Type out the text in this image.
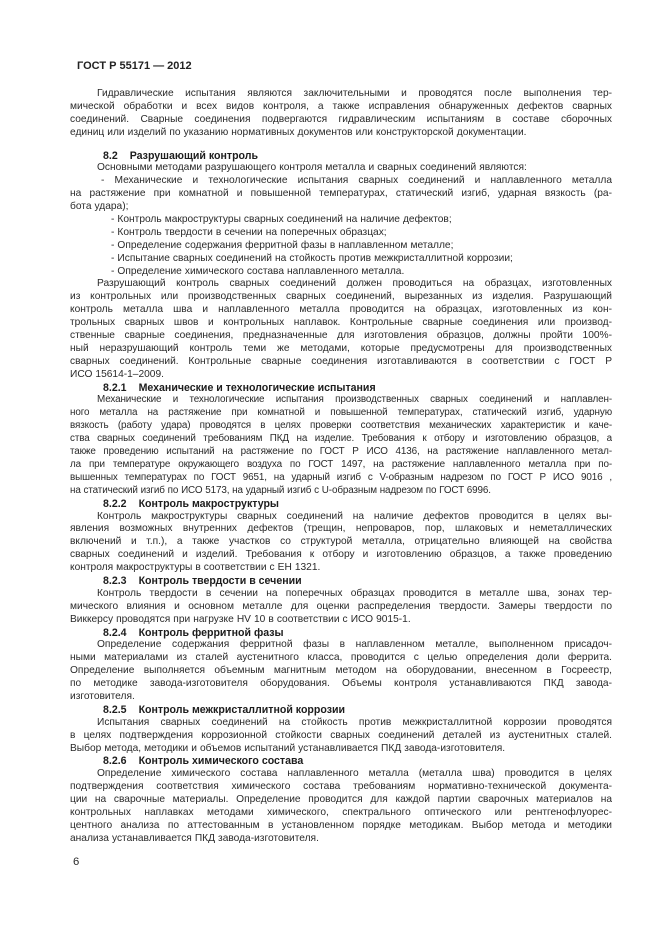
ГОСТ Р 55171 — 2012
Гидравлические испытания являются заключительными и проводятся после выполнения тер-
мической обработки и всех видов контроля, а также исправления обнаруженных дефектов сварных
соединений. Сварные соединения подвергаются гидравлическим испытаниям в составе сборочных
единиц или изделий по указанию нормативных документов или конструкторской документации.
8.2 Разрушающий контроль
Основными методами разрушающего контроля металла и сварных соединений являются:
- Механические и технологические испытания сварных соединений и наплавленного металла
на растяжение при комнатной и повышенной температурах, статический изгиб, ударная вязкость (ра-
бота удара);
- Контроль макроструктуры сварных соединений на наличие дефектов;
- Контроль твердости в сечении на поперечных образцах;
- Определение содержания ферритной фазы в наплавленном металле;
- Испытание сварных соединений на стойкость против межкристаллитной коррозии;
- Определение химического состава наплавленного металла.
Разрушающий контроль сварных соединений должен проводиться на образцах, изготовленных
из контрольных или производственных сварных соединений, вырезанных из изделия. Разрушающий
контроль металла шва и наплавленного металла проводится на образцах, изготовленных из кон-
трольных сварных швов и контрольных наплавок. Контрольные сварные соединения или производ-
ственные сварные соединения, предназначенные для изготовления образцов, должны пройти 100%-
ный неразрушающий контроль теми же методами, которые предусмотрены для производственных
сварных соединений. Контрольные сварные соединения изготавливаются в соответствии с ГОСТ Р
ИСО 15614-1–2009.
8.2.1 Механические и технологические испытания
Механические и технологические испытания производственных сварных соединений и наплавлен-
ного металла на растяжение при комнатной и повышенной температурах, статический изгиб, ударную
вязкость (работу удара) проводятся в целях проверки соответствия механических характеристик и каче-
ства сварных соединений требованиям ПКД на изделие. Требования к отбору и изготовлению образцов, а
также проведению испытаний на растяжение по ГОСТ Р ИСО 4136, на растяжение наплавленного метал-
ла при температуре окружающего воздуха по ГОСТ 1497, на растяжение наплавленного металла при по-
вышенных температурах по ГОСТ 9651, на ударный изгиб с V-образным надрезом по ГОСТ Р ИСО 9016 ,
на статический изгиб по ИСО 5173, на ударный изгиб с U-образным надрезом по ГОСТ 6996.
8.2.2 Контроль макроструктуры
Контроль макроструктуры сварных соединений на наличие дефектов проводится в целях вы-
явления возможных внутренних дефектов (трещин, непроваров, пор, шлаковых и неметаллических
включений и т.п.), а также участков со структурой металла, отрицательно влияющей на свойства
сварных соединений и изделий. Требования к отбору и изготовлению образцов, а также проведению
контроля макроструктуры в соответствии с ЕН 1321.
8.2.3 Контроль твердости в сечении
Контроль твердости в сечении на поперечных образцах проводится в металле шва, зонах тер-
мического влияния и основном металле для оценки распределения твердости. Замеры твердости по
Виккерсу проводятся при нагрузке HV 10 в соответствии с ИСО 9015-1.
8.2.4 Контроль ферритной фазы
Определение содержания ферритной фазы в наплавленном металле, выполненном присадоч-
ными материалами из сталей аустенитного класса, проводится с целью определения доли феррита.
Определение выполняется объемным магнитным методом на оборудовании, внесенном в Госреестр,
по методике завода-изготовителя оборудования. Объемы контроля устанавливаются ПКД завода-
изготовителя.
8.2.5 Контроль межкристаллитной коррозии
Испытания сварных соединений на стойкость против межкристаллитной коррозии проводятся
в целях подтверждения коррозионной стойкости сварных соединений деталей из аустенитных сталей.
Выбор метода, методики и объемов испытаний устанавливается ПКД завода-изготовителя.
8.2.6 Контроль химического состава
Определение химического состава наплавленного металла (металла шва) проводится в целях
подтверждения соответствия химического состава требованиям нормативно-технической документа-
ции на сварочные материалы. Определение проводится для каждой партии сварочных материалов на
контрольных наплавках методами химического, спектрального оптического или рентгенофлуорес-
центного анализа по аттестованным в установленном порядке методикам. Выбор метода и методики
анализа устанавливается ПКД завода-изготовителя.
6
